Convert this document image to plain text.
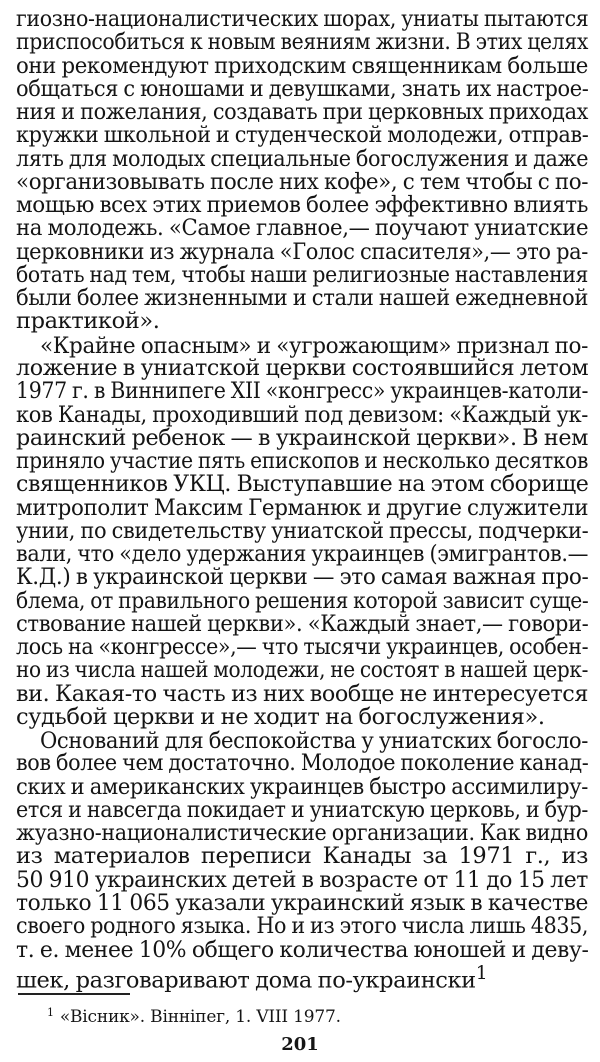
гиозно-националистических шорах, униаты пытаются
приспособиться к новым веяниям жизни. В этих целях
они рекомендуют приходским священникам больше
общаться с юношами и девушками, знать их настрое-
ния и пожелания, создавать при церковных приходах
кружки школьной и студенческой молодежи, отправ-
лять для молодых специальные богослужения и даже
«организовывать после них кофе», с тем чтобы с по-
мощью всех этих приемов более эффективно влиять
на молодежь. «Самое главное,— поучают униатские
церковники из журнала «Голос спасителя»,— это ра-
ботать над тем, чтобы наши религиозные наставления
были более жизненными и стали нашей ежедневной
практикой».
«Крайне опасным» и «угрожающим» признал по-
ложение в униатской церкви состоявшийся летом
1977 г. в Виннипеге XII «конгресс» украинцев-католи-
ков Канады, проходивший под девизом: «Каждый ук-
раинский ребенок — в украинской церкви». В нем
приняло участие пять епископов и несколько десятков
священников УКЦ. Выступавшие на этом сборище
митрополит Максим Германюк и другие служители
унии, по свидетельству униатской прессы, подчерки-
вали, что «дело удержания украинцев (эмигрантов.—
К.Д.) в украинской церкви — это самая важная про-
блема, от правильного решения которой зависит суще-
ствование нашей церкви». «Каждый знает,— говори-
лось на «конгрессе»,— что тысячи украинцев, особен-
но из числа нашей молодежи, не состоят в нашей церк-
ви. Какая-то часть из них вообще не интересуется
судьбой церкви и не ходит на богослужения».
Оснований для беспокойства у униатских богосло-
вов более чем достаточно. Молодое поколение канад-
ских и американских украинцев быстро ассимилиру-
ется и навсегда покидает и униатскую церковь, и бур-
жуазно-националистические организации. Как видно
из материалов переписи Канады за 1971 г., из
50 910 украинских детей в возрасте от 11 до 15 лет
только 11 065 указали украинский язык в качестве
своего родного языка. Но и из этого числа лишь 4835,
т. е. менее 10% общего количества юношей и деву-
шек, разговаривают дома по-украински$^1$
$^1$ «Вісник». Вінніпег, 1. VIII 1977.
201
